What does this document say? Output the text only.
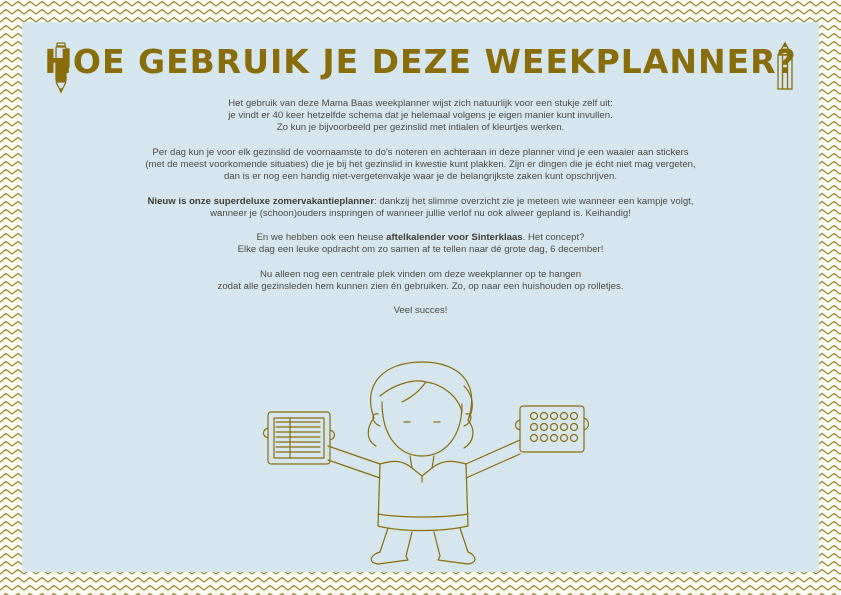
HOE GEBRUIK JE DEZE WEEKPLANNER?

Het gebruik van deze Mama Baas weekplanner wijst zich natuurlijk voor een stukje zelf uit:
je vindt er 40 keer hetzelfde schema dat je helemaal volgens je eigen manier kunt invullen.
Zo kun je bijvoorbeeld per gezinslid met intialen of kleurtjes werken.

Per dag kun je voor elk gezinslid de voornaamste to do's noteren en achteraan in deze planner vind je een waaier aan stickers
(met de meest voorkomende situaties) die je bij het gezinslid in kwestie kunt plakken. Zijn er dingen die je écht niet mag vergeten,
dan is er nog een handig niet-vergetenvakje waar je de belangrijkste zaken kunt opschrijven.

Nieuw is onze superdeluxe zomervakantieplanner: dankzij het slimme overzicht zie je meteen wie wanneer een kampje volgt,
wanneer je (schoon)ouders inspringen of wanneer jullie verlof nu ook alweer gepland is. Keihandig!

En we hebben ook een heuse aftelkalender voor Sinterklaas. Het concept?
Elke dag een leuke opdracht om zo samen af te tellen naar dé grote dag, 6 december!

Nu alleen nog een centrale plek vinden om deze weekplanner op te hangen
zodat alle gezinsleden hem kunnen zien én gebruiken. Zo, op naar een huishouden op rolletjes.

Veel succes!
